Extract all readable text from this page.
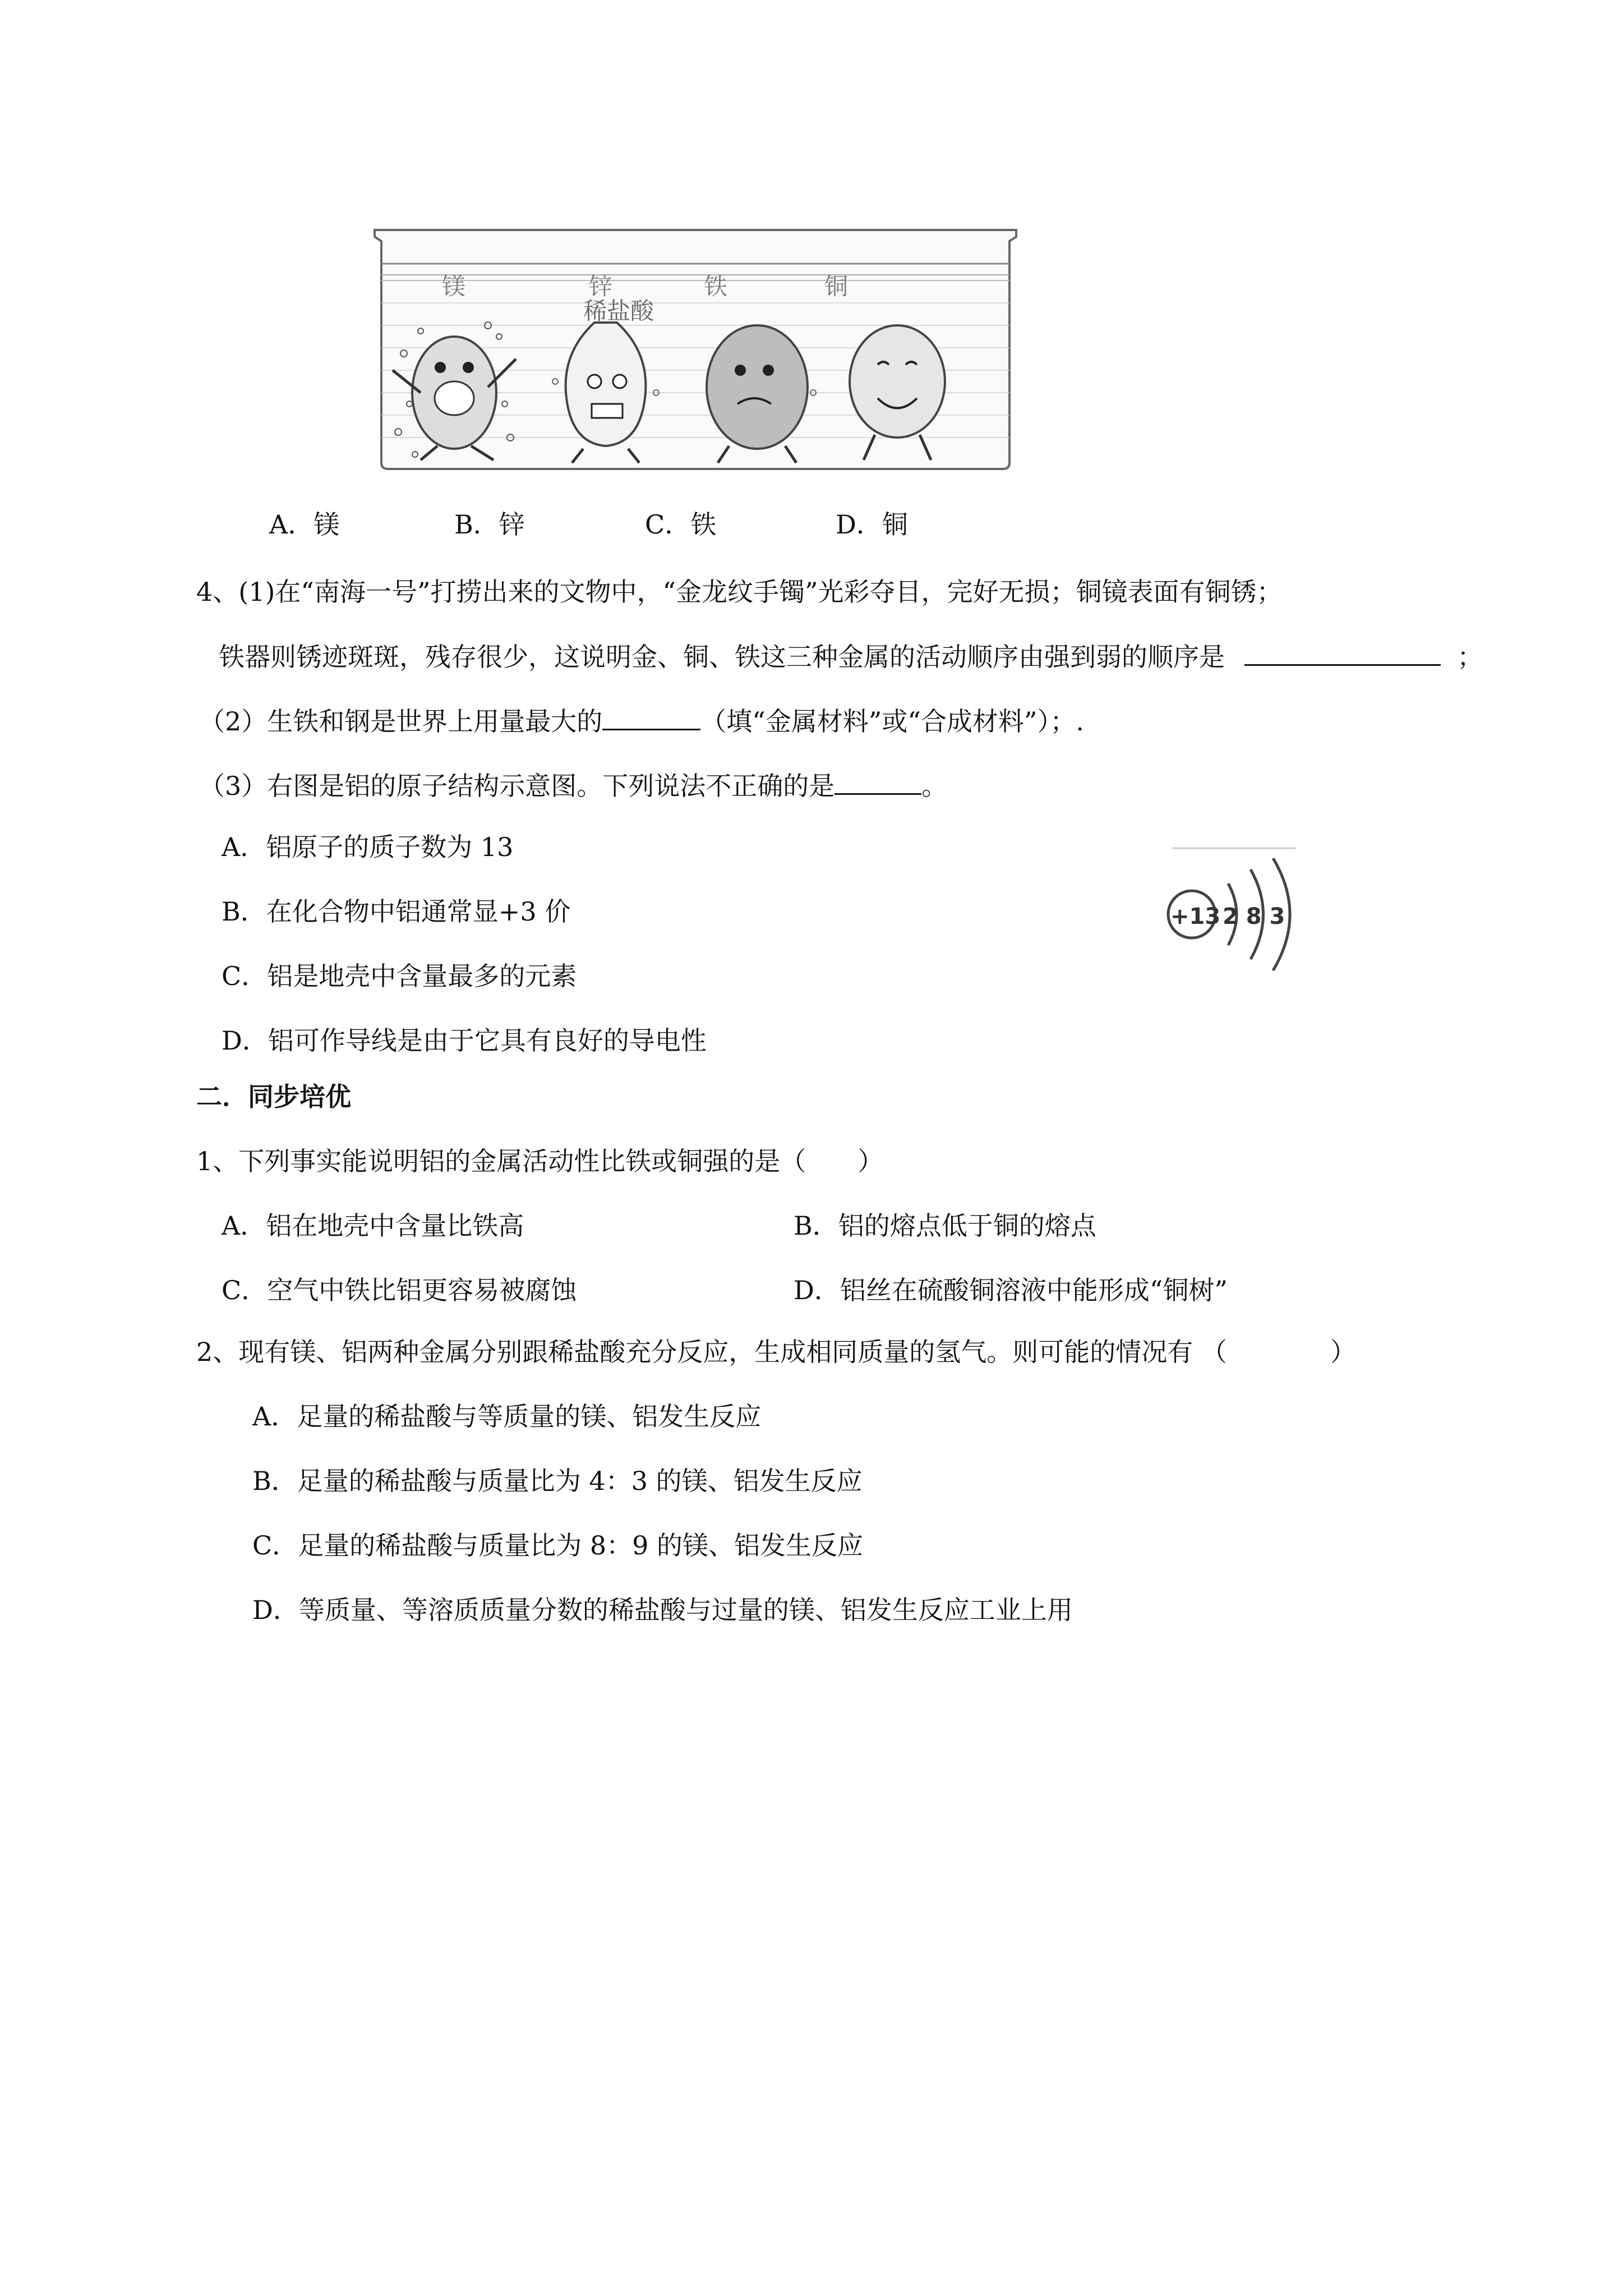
镁	锌	铁	铜
稀盐酸
A．镁	B．锌	C．铁	D．铜
4、(1)在“南海一号”打捞出来的文物中，“金龙纹手镯”光彩夺目，完好无损；铜镜表面有铜锈；
铁器则锈迹斑斑，残存很少，这说明金、铜、铁这三种金属的活动顺序由强到弱的顺序是	；
（2）生铁和钢是世界上用量最大的	（填“金属材料”或“合成材料”）；.
（3）右图是铝的原子结构示意图。下列说法不正确的是	。
A．铝原子的质子数为 13
B．在化合物中铝通常显+3 价
C．铝是地壳中含量最多的元素
D．铝可作导线是由于它具有良好的导电性
+13 2 8 3
二．同步培优
1、下列事实能说明铝的金属活动性比铁或铜强的是（　　）
A．铝在地壳中含量比铁高	B．铝的熔点低于铜的熔点
C．空气中铁比铝更容易被腐蚀	D．铝丝在硫酸铜溶液中能形成“铜树”
2、现有镁、铝两种金属分别跟稀盐酸充分反应，生成相同质量的氢气。则可能的情况有 （　　　　）
A．足量的稀盐酸与等质量的镁、铝发生反应
B．足量的稀盐酸与质量比为 4：3 的镁、铝发生反应
C．足量的稀盐酸与质量比为 8：9 的镁、铝发生反应
D．等质量、等溶质质量分数的稀盐酸与过量的镁、铝发生反应工业上用
